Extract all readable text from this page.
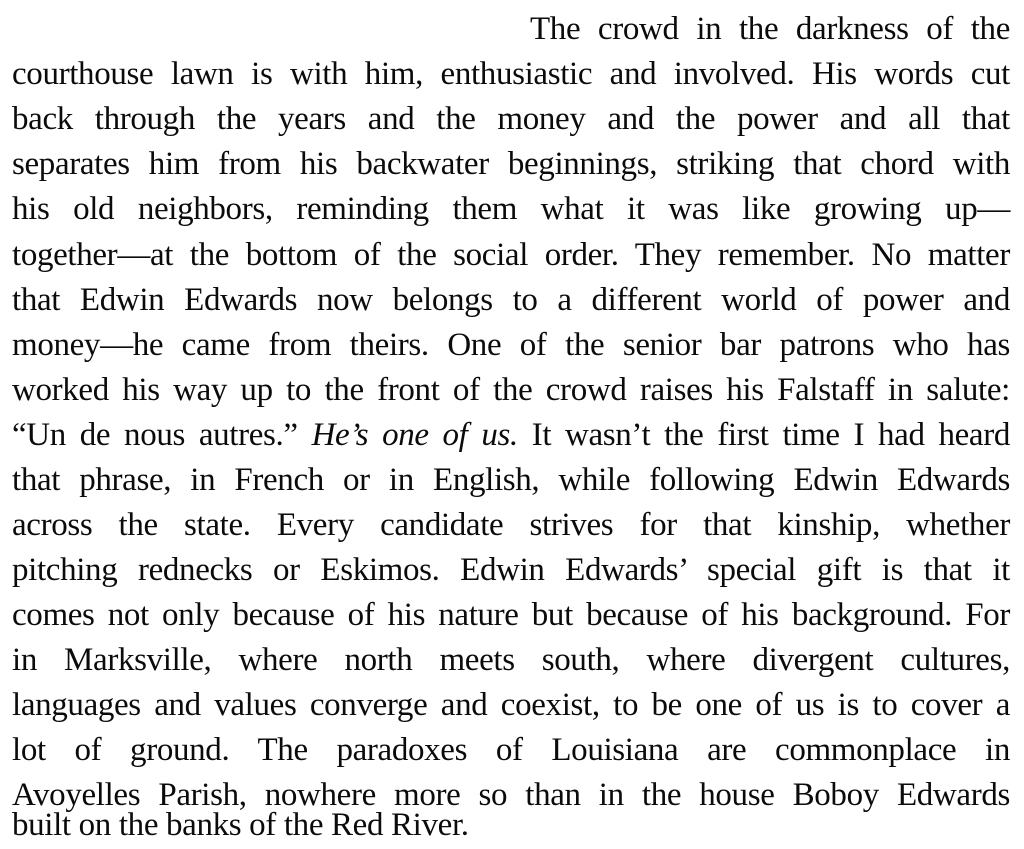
The crowd in the darkness of the
courthouse lawn is with him, enthusiastic and involved. His words cut
back through the years and the money and the power and all that
separates him from his backwater beginnings, striking that chord with
his old neighbors, reminding them what it was like growing up—
together—at the bottom of the social order. They remember. No matter
that Edwin Edwards now belongs to a different world of power and
money—he came from theirs. One of the senior bar patrons who has
worked his way up to the front of the crowd raises his Falstaff in salute:
“Un de nous autres.” He’s one of us. It wasn’t the first time I had heard
that phrase, in French or in English, while following Edwin Edwards
across the state. Every candidate strives for that kinship, whether
pitching rednecks or Eskimos. Edwin Edwards’ special gift is that it
comes not only because of his nature but because of his background. For
in Marksville, where north meets south, where divergent cultures,
languages and values converge and coexist, to be one of us is to cover a
lot of ground. The paradoxes of Louisiana are commonplace in
Avoyelles Parish, nowhere more so than in the house Boboy Edwards
built on the banks of the Red River.
